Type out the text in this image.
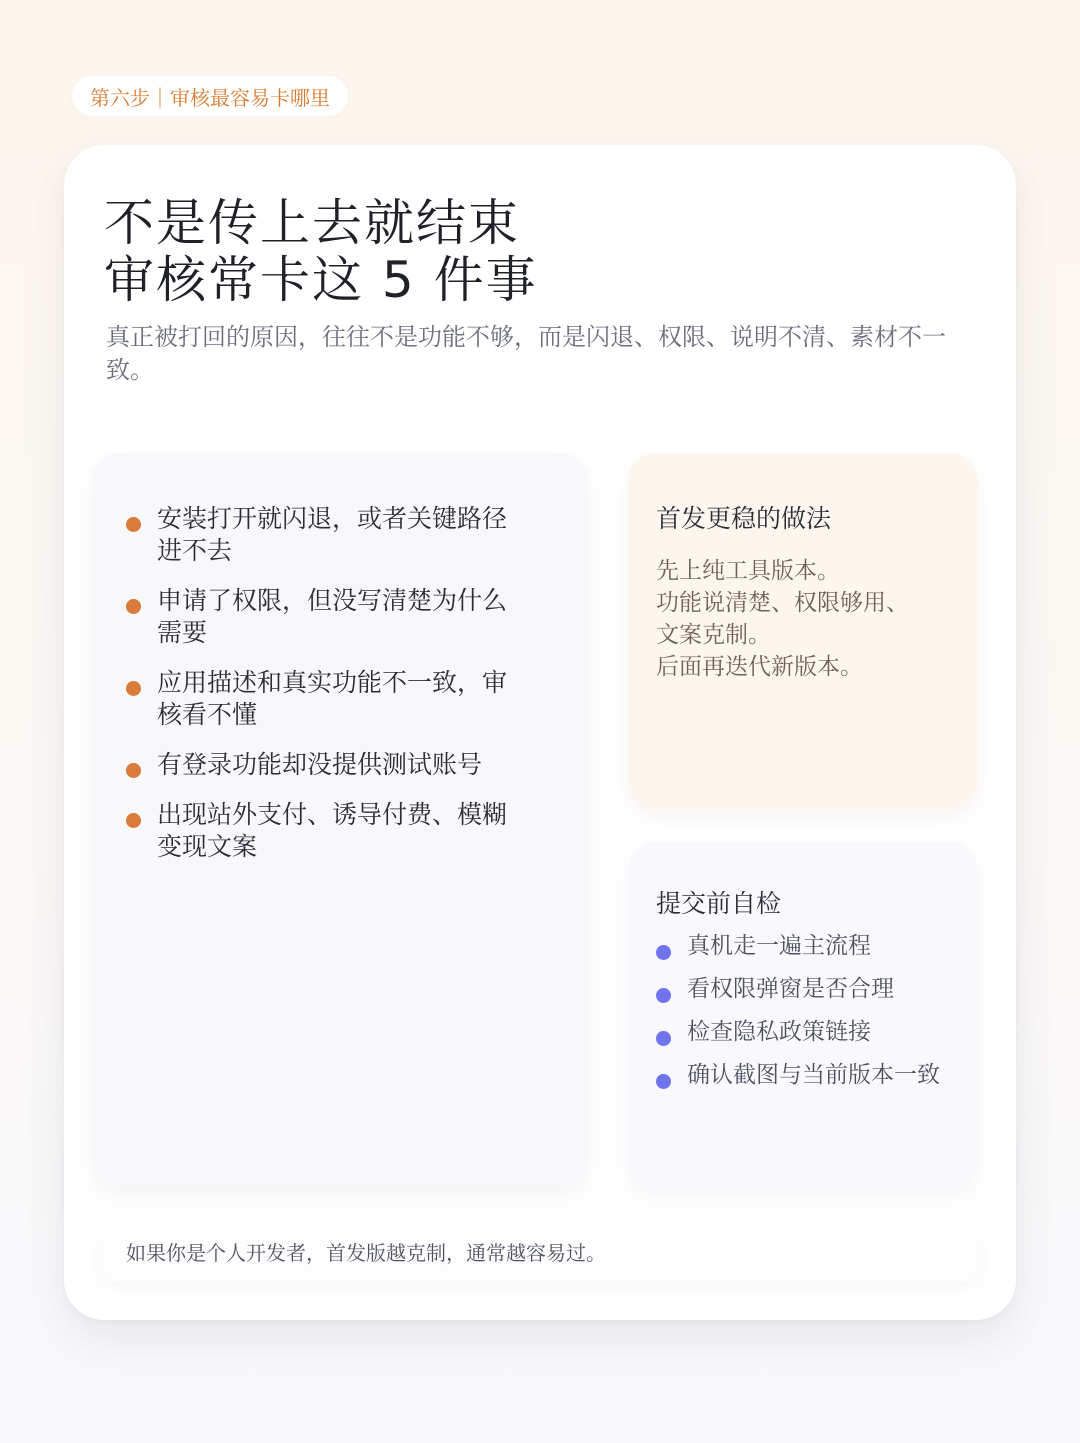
第六步｜审核最容易卡哪里
不是传上去就结束
审核常卡这 5 件事

真正被打回的原因，往往不是功能不够，而是闪退、权限、说明不清、素材不一致。

安装打开就闪退，或者关键路径进不去
申请了权限，但没写清楚为什么需要
应用描述和真实功能不一致，审核看不懂
有登录功能却没提供测试账号
出现站外支付、诱导付费、模糊变现文案
首发更稳的做法
先上纯工具版本。
功能说清楚、权限够用、
文案克制。
后面再迭代新版本。
提交前自检
真机走一遍主流程
看权限弹窗是否合理
检查隐私政策链接
确认截图与当前版本一致

如果你是个人开发者，首发版越克制，通常越容易过。
